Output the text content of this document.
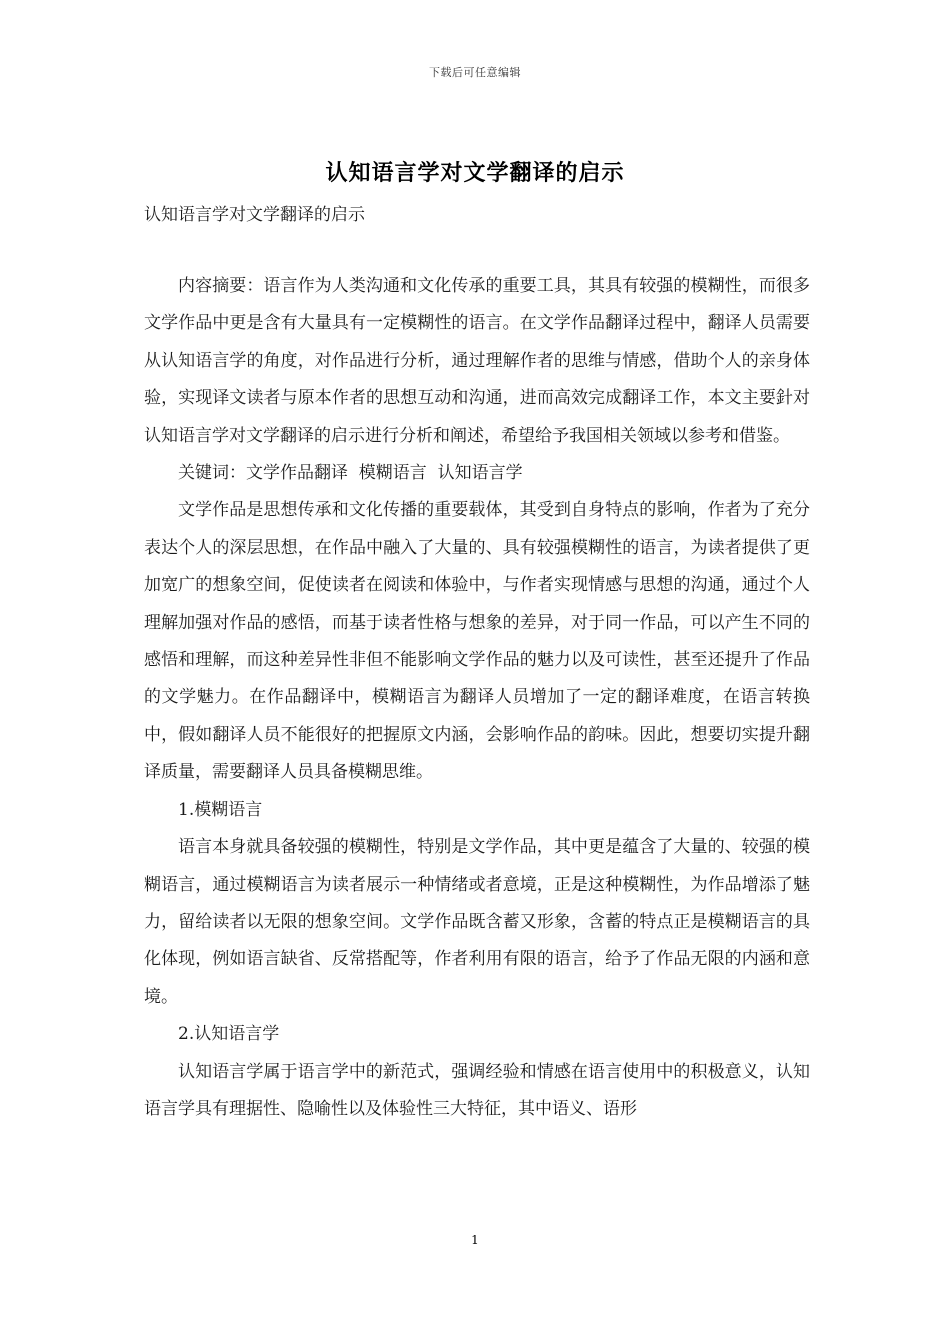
下载后可任意编辑
认知语言学对文学翻译的启示

认知语言学对文学翻译的启示

内容摘要：语言作为人类沟通和文化传承的重要工具，其具有较强的模糊性，而很多文学作品中更是含有大量具有一定模糊性的语言。在文学作品翻译过程中，翻译人员需要从认知语言学的角度，对作品进行分析，通过理解作者的思维与情感，借助个人的亲身体验，实现译文读者与原本作者的思想互动和沟通，进而高效完成翻译工作，本文主要針对认知语言学对文学翻译的启示进行分析和阐述，希望给予我国相关领域以参考和借鉴。

关键词：文学作品翻译  模糊语言  认知语言学

文学作品是思想传承和文化传播的重要载体，其受到自身特点的影响，作者为了充分表达个人的深层思想，在作品中融入了大量的、具有较强模糊性的语言，为读者提供了更加宽广的想象空间，促使读者在阅读和体验中，与作者实现情感与思想的沟通，通过个人理解加强对作品的感悟，而基于读者性格与想象的差异，对于同一作品，可以产生不同的感悟和理解，而这种差异性非但不能影响文学作品的魅力以及可读性，甚至还提升了作品的文学魅力。在作品翻译中，模糊语言为翻译人员增加了一定的翻译难度，在语言转换中，假如翻译人员不能很好的把握原文内涵，会影响作品的韵味。因此，想要切实提升翻译质量，需要翻译人员具备模糊思维。

1.模糊语言

语言本身就具备较强的模糊性，特别是文学作品，其中更是蕴含了大量的、较强的模糊语言，通过模糊语言为读者展示一种情绪或者意境，正是这种模糊性，为作品增添了魅力，留给读者以无限的想象空间。文学作品既含蓄又形象，含蓄的特点正是模糊语言的具化体现，例如语言缺省、反常搭配等，作者利用有限的语言，给予了作品无限的内涵和意境。

2.认知语言学

认知语言学属于语言学中的新范式，强调经验和情感在语言使用中的积极意义，认知语言学具有理据性、隐喻性以及体验性三大特征，其中语义、语形

1
